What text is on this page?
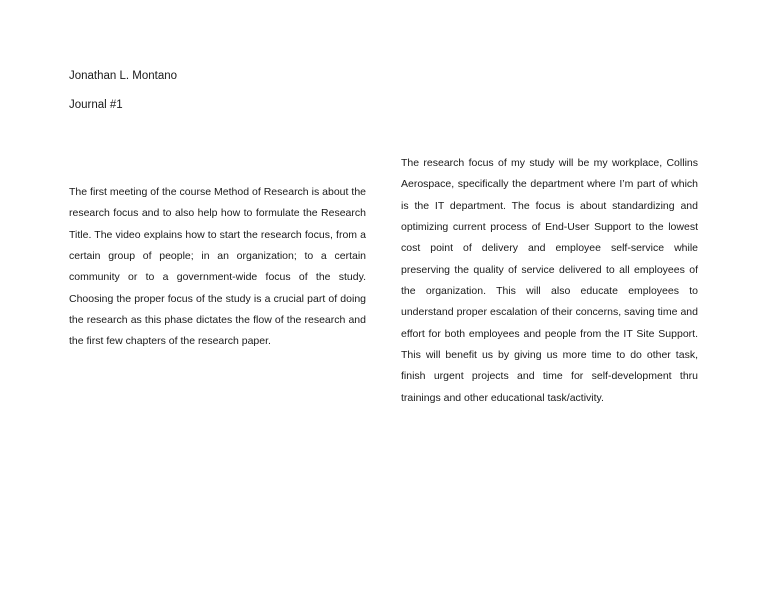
Jonathan L. Montano
Journal #1

The first meeting of the course Method of Research is about the research focus and to also help how to formulate the Research Title. The video explains how to start the research focus, from a certain group of people; in an organization; to a certain community or to a government-wide focus of the study. Choosing the proper focus of the study is a crucial part of doing the research as this phase dictates the flow of the research and the first few chapters of the research paper.

The research focus of my study will be my workplace, Collins Aerospace, specifically the department where I’m part of which is the IT department. The focus is about standardizing and optimizing current process of End-User Support to the lowest cost point of delivery and employee self-service while preserving the quality of service delivered to all employees of the organization. This will also educate employees to understand proper escalation of their concerns, saving time and effort for both employees and people from the IT Site Support. This will benefit us by giving us more time to do other task, finish urgent projects and time for self-development thru trainings and other educational task/activity.
